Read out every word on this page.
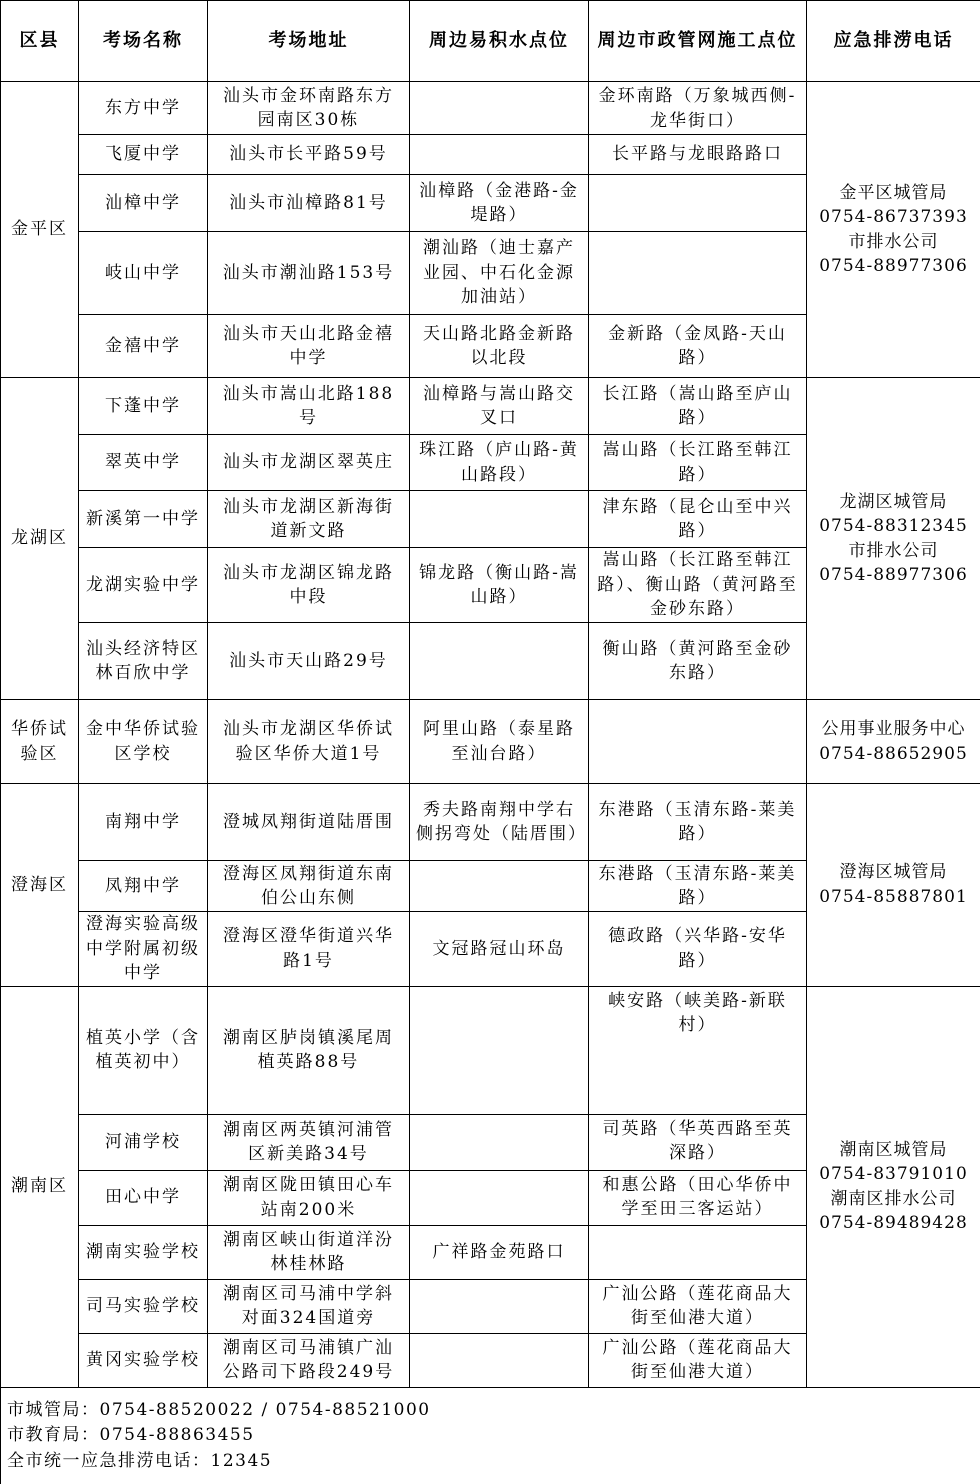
区县	考场名称	考场地址	周边易积水点位	周边市政管网施工点位	应急排涝电话
金平区	东方中学	汕头市金环南路东方园南区30栋		金环南路（万象城西侧-龙华街口）	金平区城管局
0754-86737393
市排水公司
0754-88977306

	飞厦中学	汕头市长平路59号		长平路与龙眼路路口	
	汕樟中学	汕头市汕樟路81号	汕樟路（金港路-金堤路）		
	岐山中学	汕头市潮汕路153号	潮汕路（迪士嘉产业园、中石化金源加油站）		
	金禧中学	汕头市天山北路金禧中学	天山路北路金新路以北段	金新路（金凤路-天山路）	
龙湖区	下蓬中学	汕头市嵩山北路188号	汕樟路与嵩山路交叉口	长江路（嵩山路至庐山路）	龙湖区城管局
0754-88312345
市排水公司
0754-88977306

	翠英中学	汕头市龙湖区翠英庄	珠江路（庐山路-黄山路段）	嵩山路（长江路至韩江路）	
	新溪第一中学	汕头市龙湖区新海街道新文路		津东路（昆仑山至中兴路）	
	龙湖实验中学	汕头市龙湖区锦龙路中段	锦龙路（衡山路-嵩山路）	嵩山路（长江路至韩江路）、衡山路（黄河路至金砂东路）	
	汕头经济特区林百欣中学	汕头市天山路29号		衡山路（黄河路至金砂东路）	
华侨试验区	金中华侨试验区学校	汕头市龙湖区华侨试验区华侨大道1号	阿里山路（泰星路至汕台路）		公用事业服务中心
0754-88652905

澄海区	南翔中学	澄城凤翔街道陆厝围	秀夫路南翔中学右侧拐弯处（陆厝围）	东港路（玉清东路-莱美路）	澄海区城管局
0754-85887801

	凤翔中学	澄海区凤翔街道东南伯公山东侧		东港路（玉清东路-莱美路）	
	澄海实验高级中学附属初级中学	澄海区澄华街道兴华路1号	文冠路冠山环岛	德政路（兴华路-安华路）	
潮南区	植英小学（含植英初中）	潮南区胪岗镇溪尾周植英路88号		峡安路（峡美路-新联村）	潮南区城管局
0754-83791010
潮南区排水公司
0754-89489428

	河浦学校	潮南区两英镇河浦管区新美路34号		司英路（华英西路至英深路）	
	田心中学	潮南区陇田镇田心车站南200米		和惠公路（田心华侨中学至田三客运站）	
	潮南实验学校	潮南区峡山街道洋汾林桂林路	广祥路金苑路口		
	司马实验学校	潮南区司马浦中学斜对面324国道旁		广汕公路（莲花商品大街至仙港大道）	
	黄冈实验学校	潮南区司马浦镇广汕公路司下路段249号		广汕公路（莲花商品大街至仙港大道）	

市城管局：0754-88520022 / 0754-88521000
市教育局：0754-88863455
全市统一应急排涝电话：12345					
